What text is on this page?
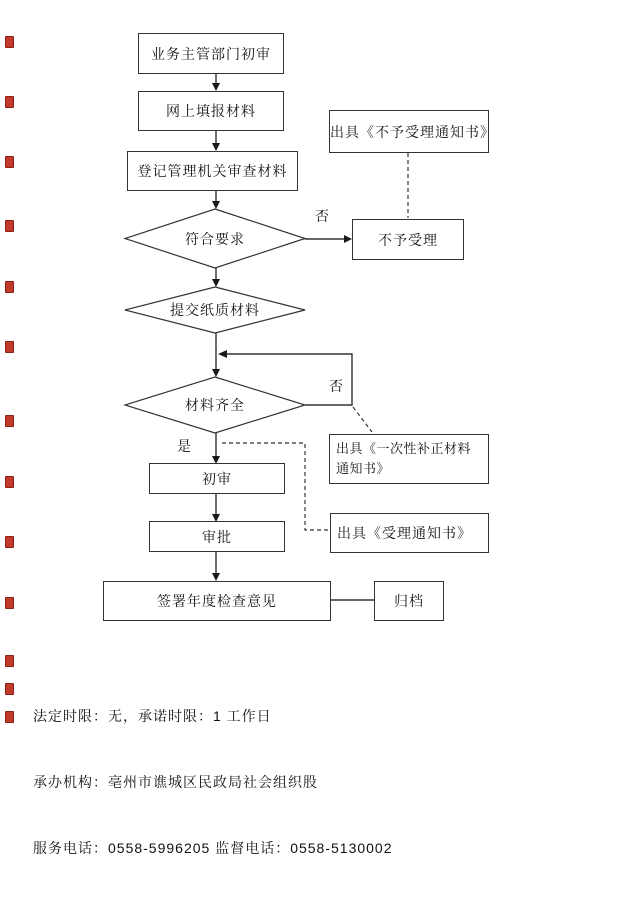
业务主管部门初审
网上填报材料
登记管理机关审查材料
不予受理
出具《不予受理通知书》
出具《一次性补正材料通知书》
出具《受理通知书》
初审
审批
签署年度检查意见	归档
符合要求
提交纸质材料
材料齐全
否
否
是

法定时限：无，承诺时限：1 工作日

承办机构：亳州市谯城区民政局社会组织股

服务电话：0558-5996205 监督电话：0558-5130002
